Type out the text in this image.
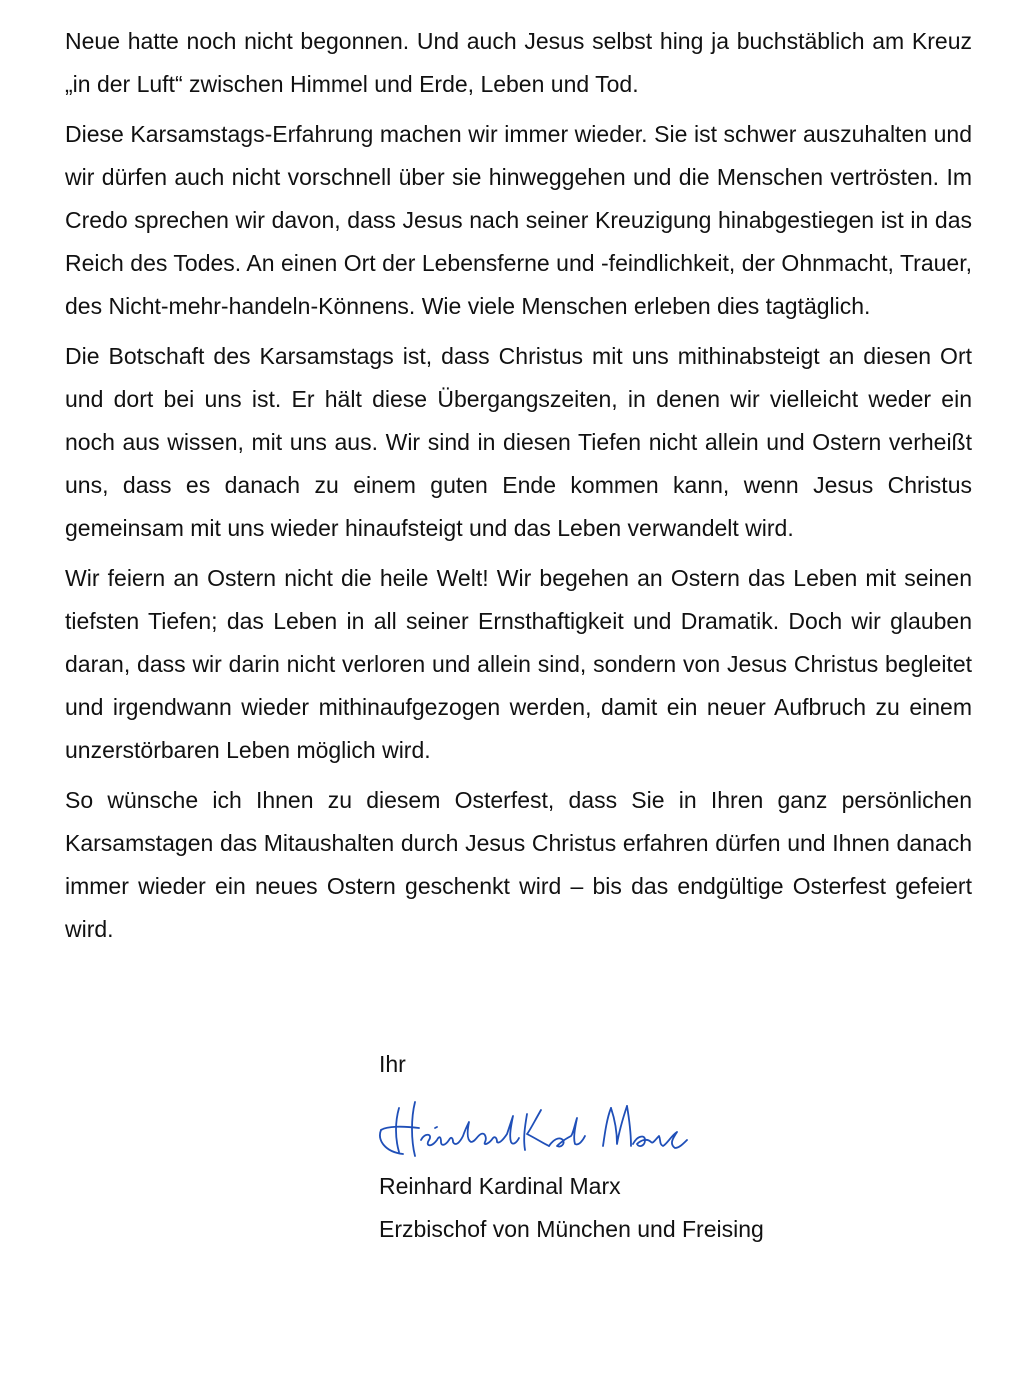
Neue hatte noch nicht begonnen. Und auch Jesus selbst hing ja buchstäblich am Kreuz „in der Luft“ zwischen Himmel und Erde, Leben und Tod.

Diese Karsamstags-Erfahrung machen wir immer wieder. Sie ist schwer auszuhalten und wir dürfen auch nicht vorschnell über sie hinweggehen und die Menschen vertrösten. Im Credo sprechen wir davon, dass Jesus nach seiner Kreuzigung hinabgestiegen ist in das Reich des Todes. An einen Ort der Lebensferne und -feindlichkeit, der Ohnmacht, Trauer, des Nicht-mehr-handeln-Könnens. Wie viele Menschen erleben dies tagtäglich.

Die Botschaft des Karsamstags ist, dass Christus mit uns mithinabsteigt an diesen Ort und dort bei uns ist. Er hält diese Übergangszeiten, in denen wir vielleicht weder ein noch aus wissen, mit uns aus. Wir sind in diesen Tiefen nicht allein und Ostern verheißt uns, dass es danach zu einem guten Ende kommen kann, wenn Jesus Christus gemeinsam mit uns wieder hinaufsteigt und das Leben verwandelt wird.

Wir feiern an Ostern nicht die heile Welt! Wir begehen an Ostern das Leben mit seinen tiefsten Tiefen; das Leben in all seiner Ernsthaftigkeit und Dramatik. Doch wir glauben daran, dass wir darin nicht verloren und allein sind, sondern von Jesus Christus begleitet und irgendwann wieder mithinaufgezogen werden, damit ein neuer Aufbruch zu einem unzerstörbaren Leben möglich wird.

So wünsche ich Ihnen zu diesem Osterfest, dass Sie in Ihren ganz persönlichen Karsamstagen das Mitaushalten durch Jesus Christus erfahren dürfen und Ihnen danach immer wieder ein neues Ostern geschenkt wird – bis das endgültige Osterfest gefeiert wird.

Ihr

Reinhard Kardinal Marx

Erzbischof von München und Freising
